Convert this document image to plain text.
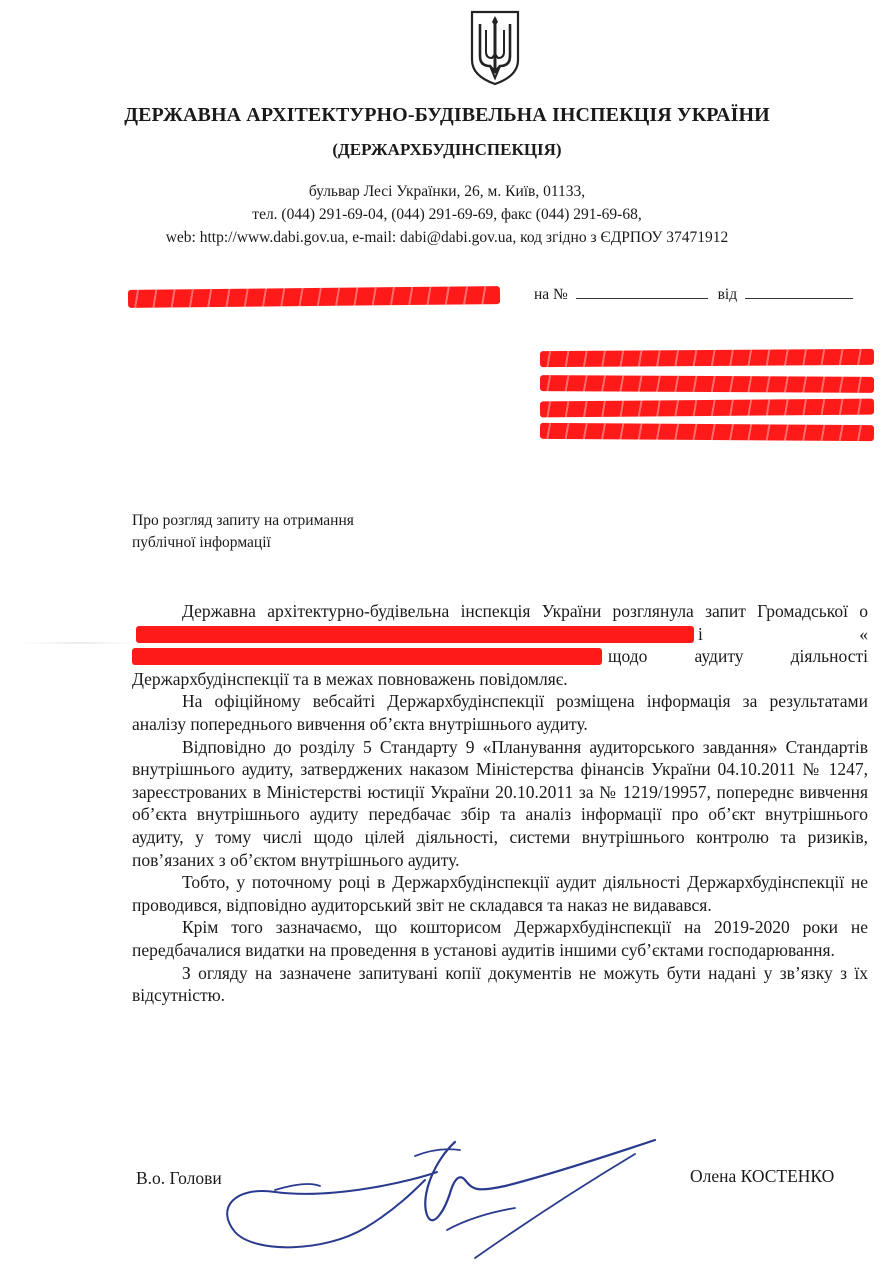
ДЕРЖАВНА АРХІТЕКТУРНО-БУДІВЕЛЬНА ІНСПЕКЦІЯ УКРАЇНИ
(ДЕРЖАРХБУДІНСПЕКЦІЯ)
бульвар Лесі Українки, 26, м. Київ, 01133,
тел. (044) 291-69-04, (044) 291-69-69, факс (044) 291-69-68,
web: http://www.dabi.gov.ua, e-mail: dabi@dabi.gov.ua, код згідно з ЄДРПОУ 37471912
на №	від
Про розгляд запиту на отримання
публічної інформації

Державна архітектурно-будівельна інспекція України розглянула запит Громадської оі	«щодо аудиту діяльності Держархбудінспекції та в межах повноважень повідомляє.

На офіційному вебсайті Держархбудінспекції розміщена інформація за результатами аналізу попереднього вивчення об’єкта внутрішнього аудиту.

Відповідно до розділу 5 Стандарту 9 «Планування аудиторського завдання» Стандартів внутрішнього аудиту, затверджених наказом Міністерства фінансів України 04.10.2011 № 1247, зареєстрованих в Міністерстві юстиції України 20.10.2011 за № 1219/19957, попереднє вивчення об’єкта внутрішнього аудиту передбачає збір та аналіз інформації про об’єкт внутрішнього аудиту, у тому числі щодо цілей діяльності, системи внутрішнього контролю та ризиків, пов’язаних з об’єктом внутрішнього аудиту.

Тобто, у поточному році в Держархбудінспекції аудит діяльності Держархбудінспекції не проводився, відповідно аудиторський звіт не складався та наказ не видавався.

Крім того зазначаємо, що кошторисом Держархбудінспекції на 2019-2020 роки не передбачалися видатки на проведення в установі аудитів іншими суб’єктами господарювання.

З огляду на зазначене запитувані копії документів не можуть бути надані у зв’язку з їх відсутністю.

В.о. Голови	Олена КОСТЕНКО
